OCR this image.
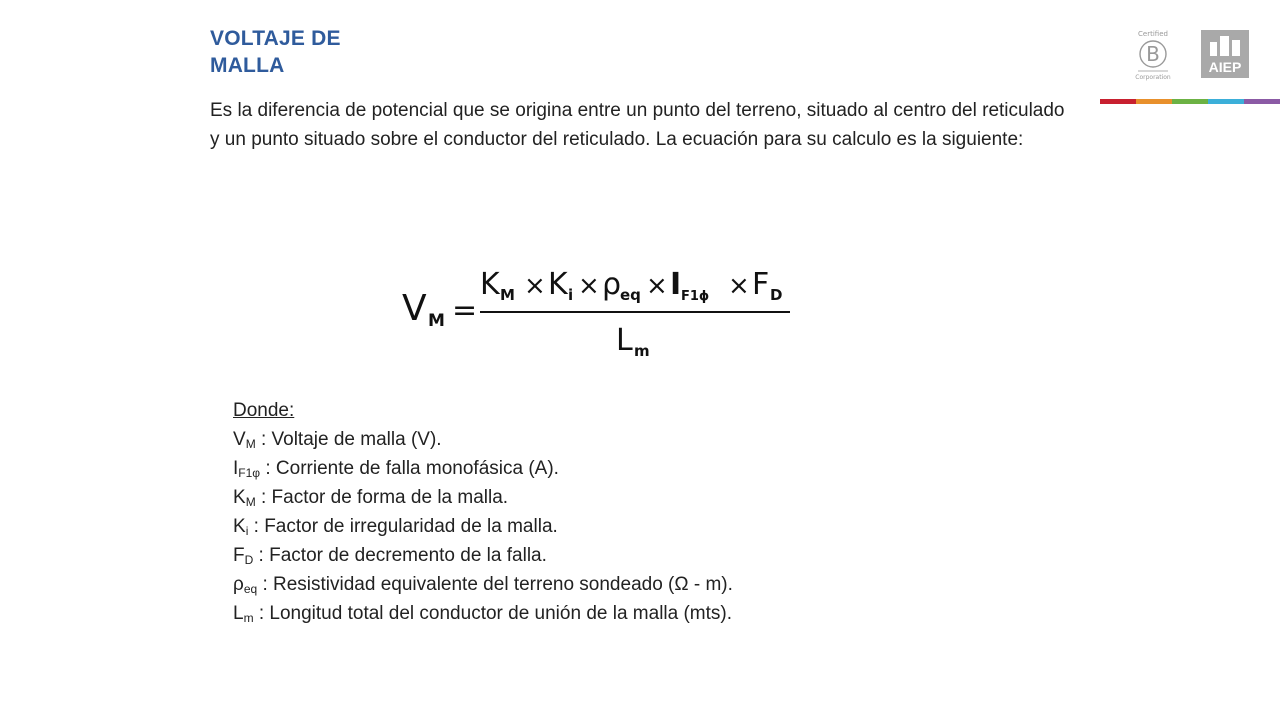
VOLTAJE DE
MALLA
Es la diferencia de potencial que se origina entre un punto del terreno, situado al centro del reticulado y un punto situado sobre el conductor del reticulado. La ecuación para su calculo es la siguiente:
V M =
K M × K i × ρ
eq × I F1ϕ × F D
L m
Donde:
$V_M$ : Voltaje de malla (V).
$I_{F1\varphi}$ : Corriente de falla monofásica (A).
$K_M$ : Factor de forma de la malla.
$K_i$ : Factor de irregularidad de la malla.
$F_D$ : Factor de decremento de la falla.
$\rho_{eq}$ : Resistividad equivalente del terreno sondeado (Ω - m).
$L_m$ : Longitud total del conductor de unión de la malla (mts).
Certified
B
Corporation
AIEP
